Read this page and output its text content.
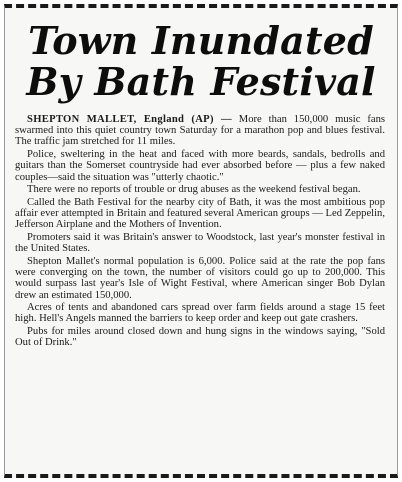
Town Inundated
By Bath Festival

SHEPTON MALLET, England (AP) — More than 150,000 music fans swarmed into this quiet country town Saturday for a marathon pop and blues festival. The traffic jam stretched for 11 miles.

Police, sweltering in the heat and faced with more beards, sandals, bedrolls and guitars than the Somerset countryside had ever absorbed before — plus a few naked couples—said the situation was "utterly chaotic."

There were no reports of trouble or drug abuses as the weekend festival began.

Called the Bath Festival for the nearby city of Bath, it was the most ambitious pop affair ever attempted in Britain and featured several American groups — Led Zeppelin, Jefferson Airplane and the Mothers of Invention.

Promoters said it was Britain's answer to Woodstock, last year's monster festival in the United States.

Shepton Mallet's normal population is 6,000. Police said at the rate the pop fans were converging on the town, the number of visitors could go up to 200,000. This would surpass last year's Isle of Wight Festival, where American singer Bob Dylan drew an estimated 150,000.

Acres of tents and abandoned cars spread over farm fields around a stage 15 feet high. Hell's Angels manned the barriers to keep order and keep out gate crashers.

Pubs for miles around closed down and hung signs in the windows saying, "Sold Out of Drink."
